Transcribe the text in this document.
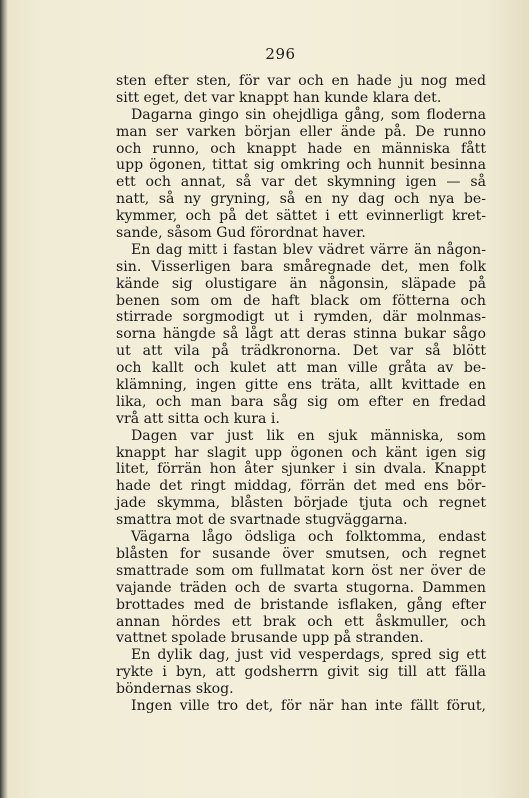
296
sten efter sten, för var och en hade ju nog med
sitt eget, det var knappt han kunde klara det.
Dagarna gingo sin ohejdliga gång, som floderna
man ser varken början eller ände på. De runno
och runno, och knappt hade en människa fått
upp ögonen, tittat sig omkring och hunnit besinna
ett och annat, så var det skymning igen — så
natt, så ny gryning, så en ny dag och nya be-
kymmer, och på det sättet i ett evinnerligt kret-
sande, såsom Gud förordnat haver.
En dag mitt i fastan blev vädret värre än någon-
sin. Visserligen bara småregnade det, men folk
kände sig olustigare än någonsin, släpade på
benen som om de haft black om fötterna och
stirrade sorgmodigt ut i rymden, där molnmas-
sorna hängde så lågt att deras stinna bukar sågo
ut att vila på trädkronorna. Det var så blött
och kallt och kulet att man ville gråta av be-
klämning, ingen gitte ens träta, allt kvittade en
lika, och man bara såg sig om efter en fredad
vrå att sitta och kura i.
Dagen var just lik en sjuk människa, som
knappt har slagit upp ögonen och känt igen sig
litet, förrän hon åter sjunker i sin dvala. Knappt
hade det ringt middag, förrän det med ens bör-
jade skymma, blåsten började tjuta och regnet
smattra mot de svartnade stugväggarna.
Vägarna lågo ödsliga och folktomma, endast
blåsten for susande över smutsen, och regnet
smattrade som om fullmatat korn öst ner över de
vajande träden och de svarta stugorna. Dammen
brottades med de bristande isflaken, gång efter
annan hördes ett brak och ett åskmuller, och
vattnet spolade brusande upp på stranden.
En dylik dag, just vid vesperdags, spred sig ett
rykte i byn, att godsherrn givit sig till att fälla
böndernas skog.
Ingen ville tro det, för när han inte fällt förut,
